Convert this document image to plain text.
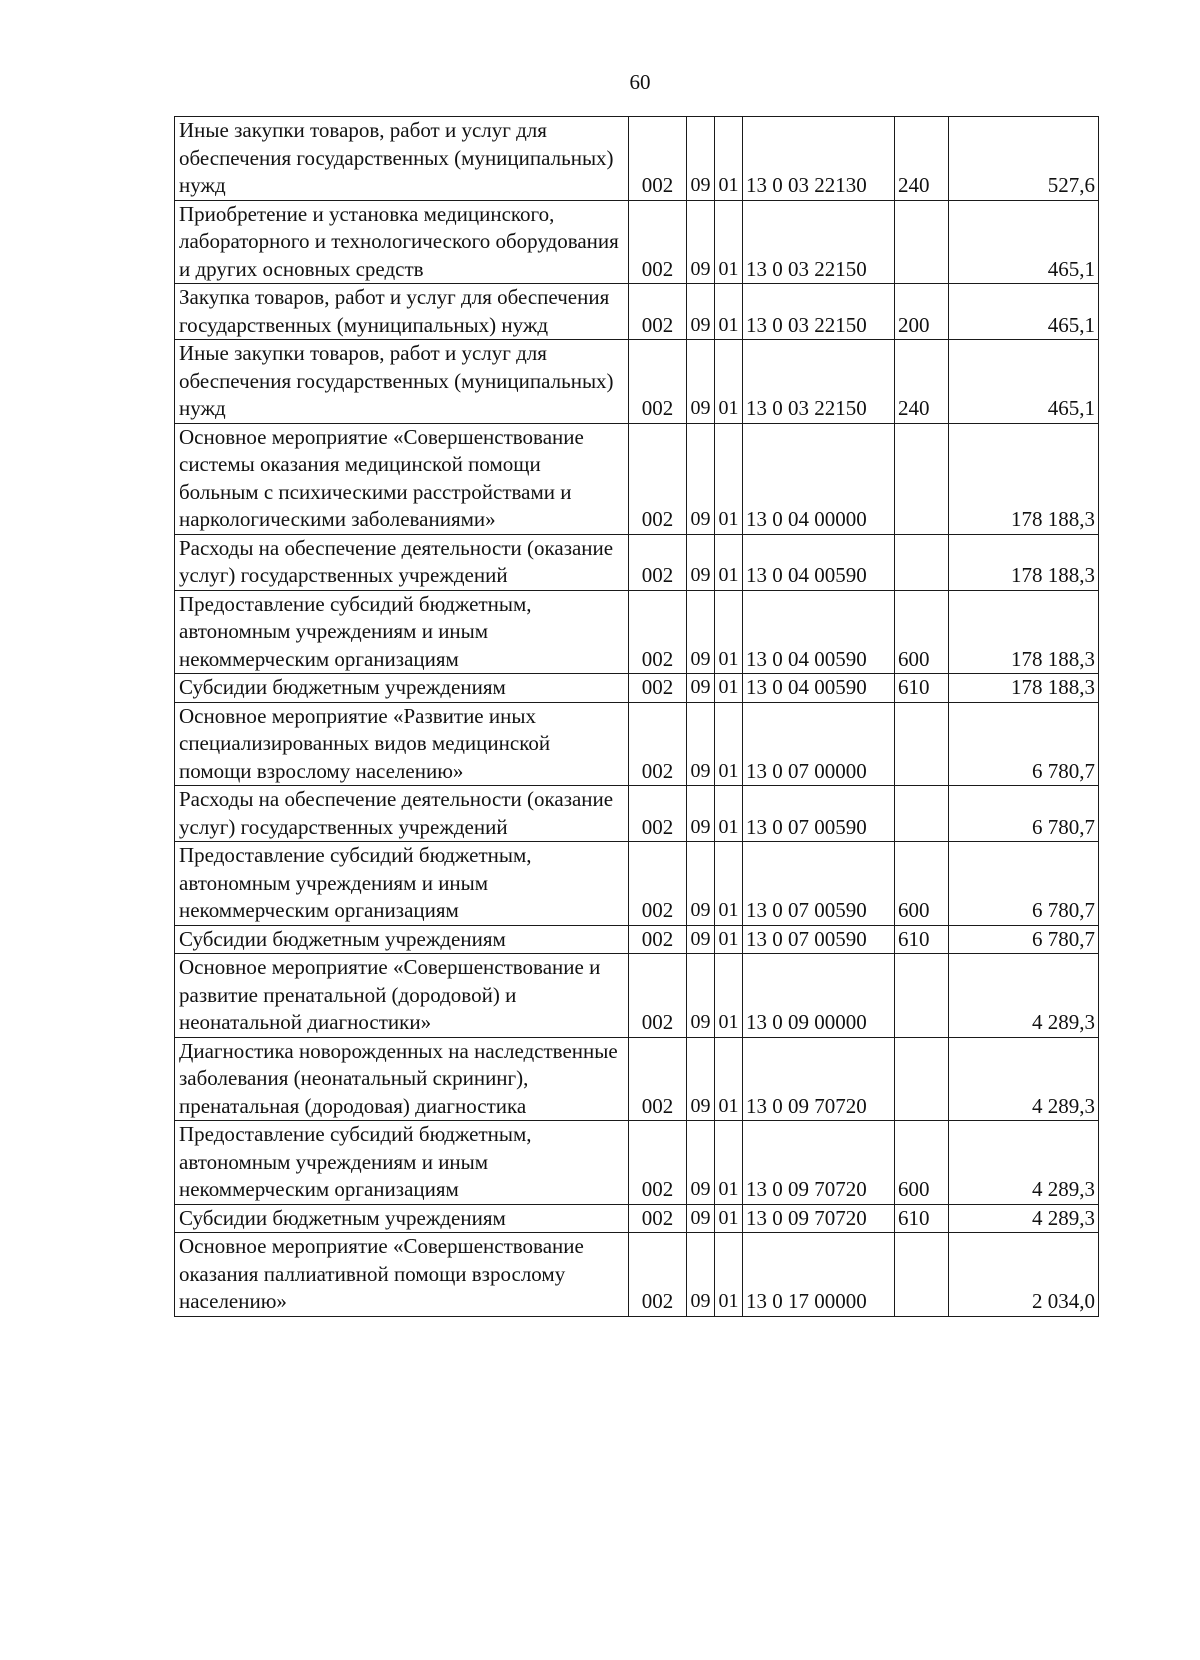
60
Иные закупки товаров, работ и услуг для обеспечения государственных (муниципальных) нужд	002	09	01	13 0 03 22130	240	527,6
Приобретение и установка медицинского, лабораторного и технологического оборудования и других основных средств	002	09	01	13 0 03 22150		465,1
Закупка товаров, работ и услуг для обеспечения государственных (муниципальных) нужд	002	09	01	13 0 03 22150	200	465,1
Иные закупки товаров, работ и услуг для обеспечения государственных (муниципальных) нужд	002	09	01	13 0 03 22150	240	465,1
Основное мероприятие «Совершенствование системы оказания медицинской помощи больным с психическими расстройствами и наркологическими заболеваниями»	002	09	01	13 0 04 00000		178 188,3
Расходы на обеспечение деятельности (оказание услуг) государственных учреждений	002	09	01	13 0 04 00590		178 188,3
Предоставление субсидий бюджетным, автономным учреждениям и иным некоммерческим организациям	002	09	01	13 0 04 00590	600	178 188,3
Субсидии бюджетным учреждениям	002	09	01	13 0 04 00590	610	178 188,3
Основное мероприятие «Развитие иных специализированных видов медицинской помощи взрослому населению»	002	09	01	13 0 07 00000		6 780,7
Расходы на обеспечение деятельности (оказание услуг) государственных учреждений	002	09	01	13 0 07 00590		6 780,7
Предоставление субсидий бюджетным, автономным учреждениям и иным некоммерческим организациям	002	09	01	13 0 07 00590	600	6 780,7
Субсидии бюджетным учреждениям	002	09	01	13 0 07 00590	610	6 780,7
Основное мероприятие «Совершенствование и развитие пренатальной (дородовой) и неонатальной диагностики»	002	09	01	13 0 09 00000		4 289,3
Диагностика новорожденных на наследственные заболевания (неонатальный скрининг), пренатальная (дородовая) диагностика	002	09	01	13 0 09 70720		4 289,3
Предоставление субсидий бюджетным, автономным учреждениям и иным некоммерческим организациям	002	09	01	13 0 09 70720	600	4 289,3
Субсидии бюджетным учреждениям	002	09	01	13 0 09 70720	610	4 289,3
Основное мероприятие «Совершенствование оказания паллиативной помощи взрослому населению»	002	09	01	13 0 17 00000		2 034,0
